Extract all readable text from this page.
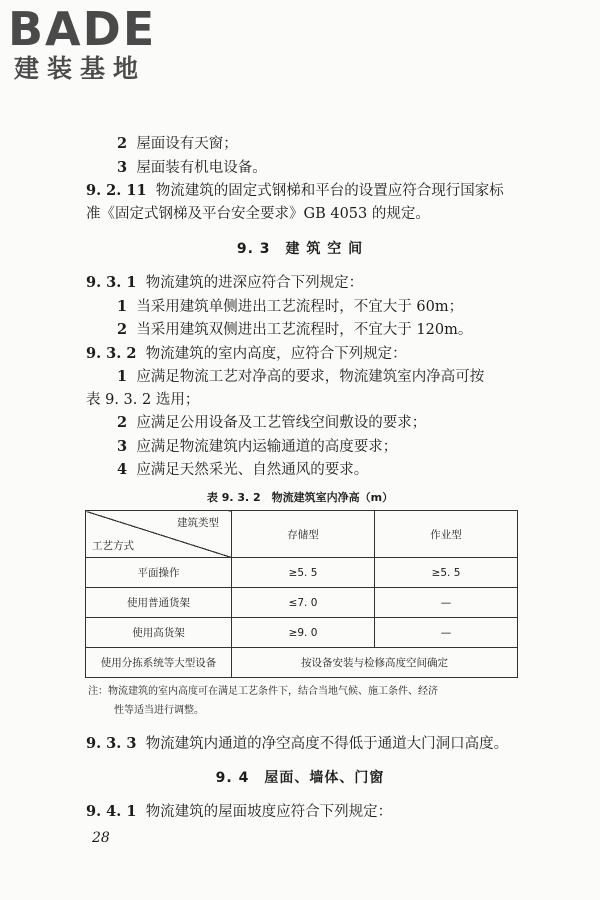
BADE
建装基地
2 屋面设有天窗；
3 屋面装有机电设备。
9. 2. 11 物流建筑的固定式钢梯和平台的设置应符合现行国家标
准《固定式钢梯及平台安全要求》GB 4053 的规定。
9. 3　建 筑 空 间
9. 3. 1 物流建筑的进深应符合下列规定：
1 当采用建筑单侧进出工艺流程时，不宜大于 60m；
2 当采用建筑双侧进出工艺流程时，不宜大于 120m。
9. 3. 2 物流建筑的室内高度，应符合下列规定：
1 应满足物流工艺对净高的要求，物流建筑室内净高可按
表 9. 3. 2 选用；
2 应满足公用设备及工艺管线空间敷设的要求；
3 应满足物流建筑内运输通道的高度要求；
4 应满足天然采光、自然通风的要求。
表 9. 3. 2　物流建筑室内净高（m）
建筑类型
工艺方式	存储型	作业型
平面操作	≥5. 5	≥5. 5
使用普通货架	≤7. 0	—
使用高货架	≥9. 0	—
使用分拣系统等大型设备	按设备安装与检修高度空间确定	
注：物流建筑的室内高度可在满足工艺条件下，结合当地气候、施工条件、经济
性等适当进行调整。
9. 3. 3 物流建筑内通道的净空高度不得低于通道大门洞口高度。
9. 4　屋面、墙体、门窗
9. 4. 1 物流建筑的屋面坡度应符合下列规定：
28
